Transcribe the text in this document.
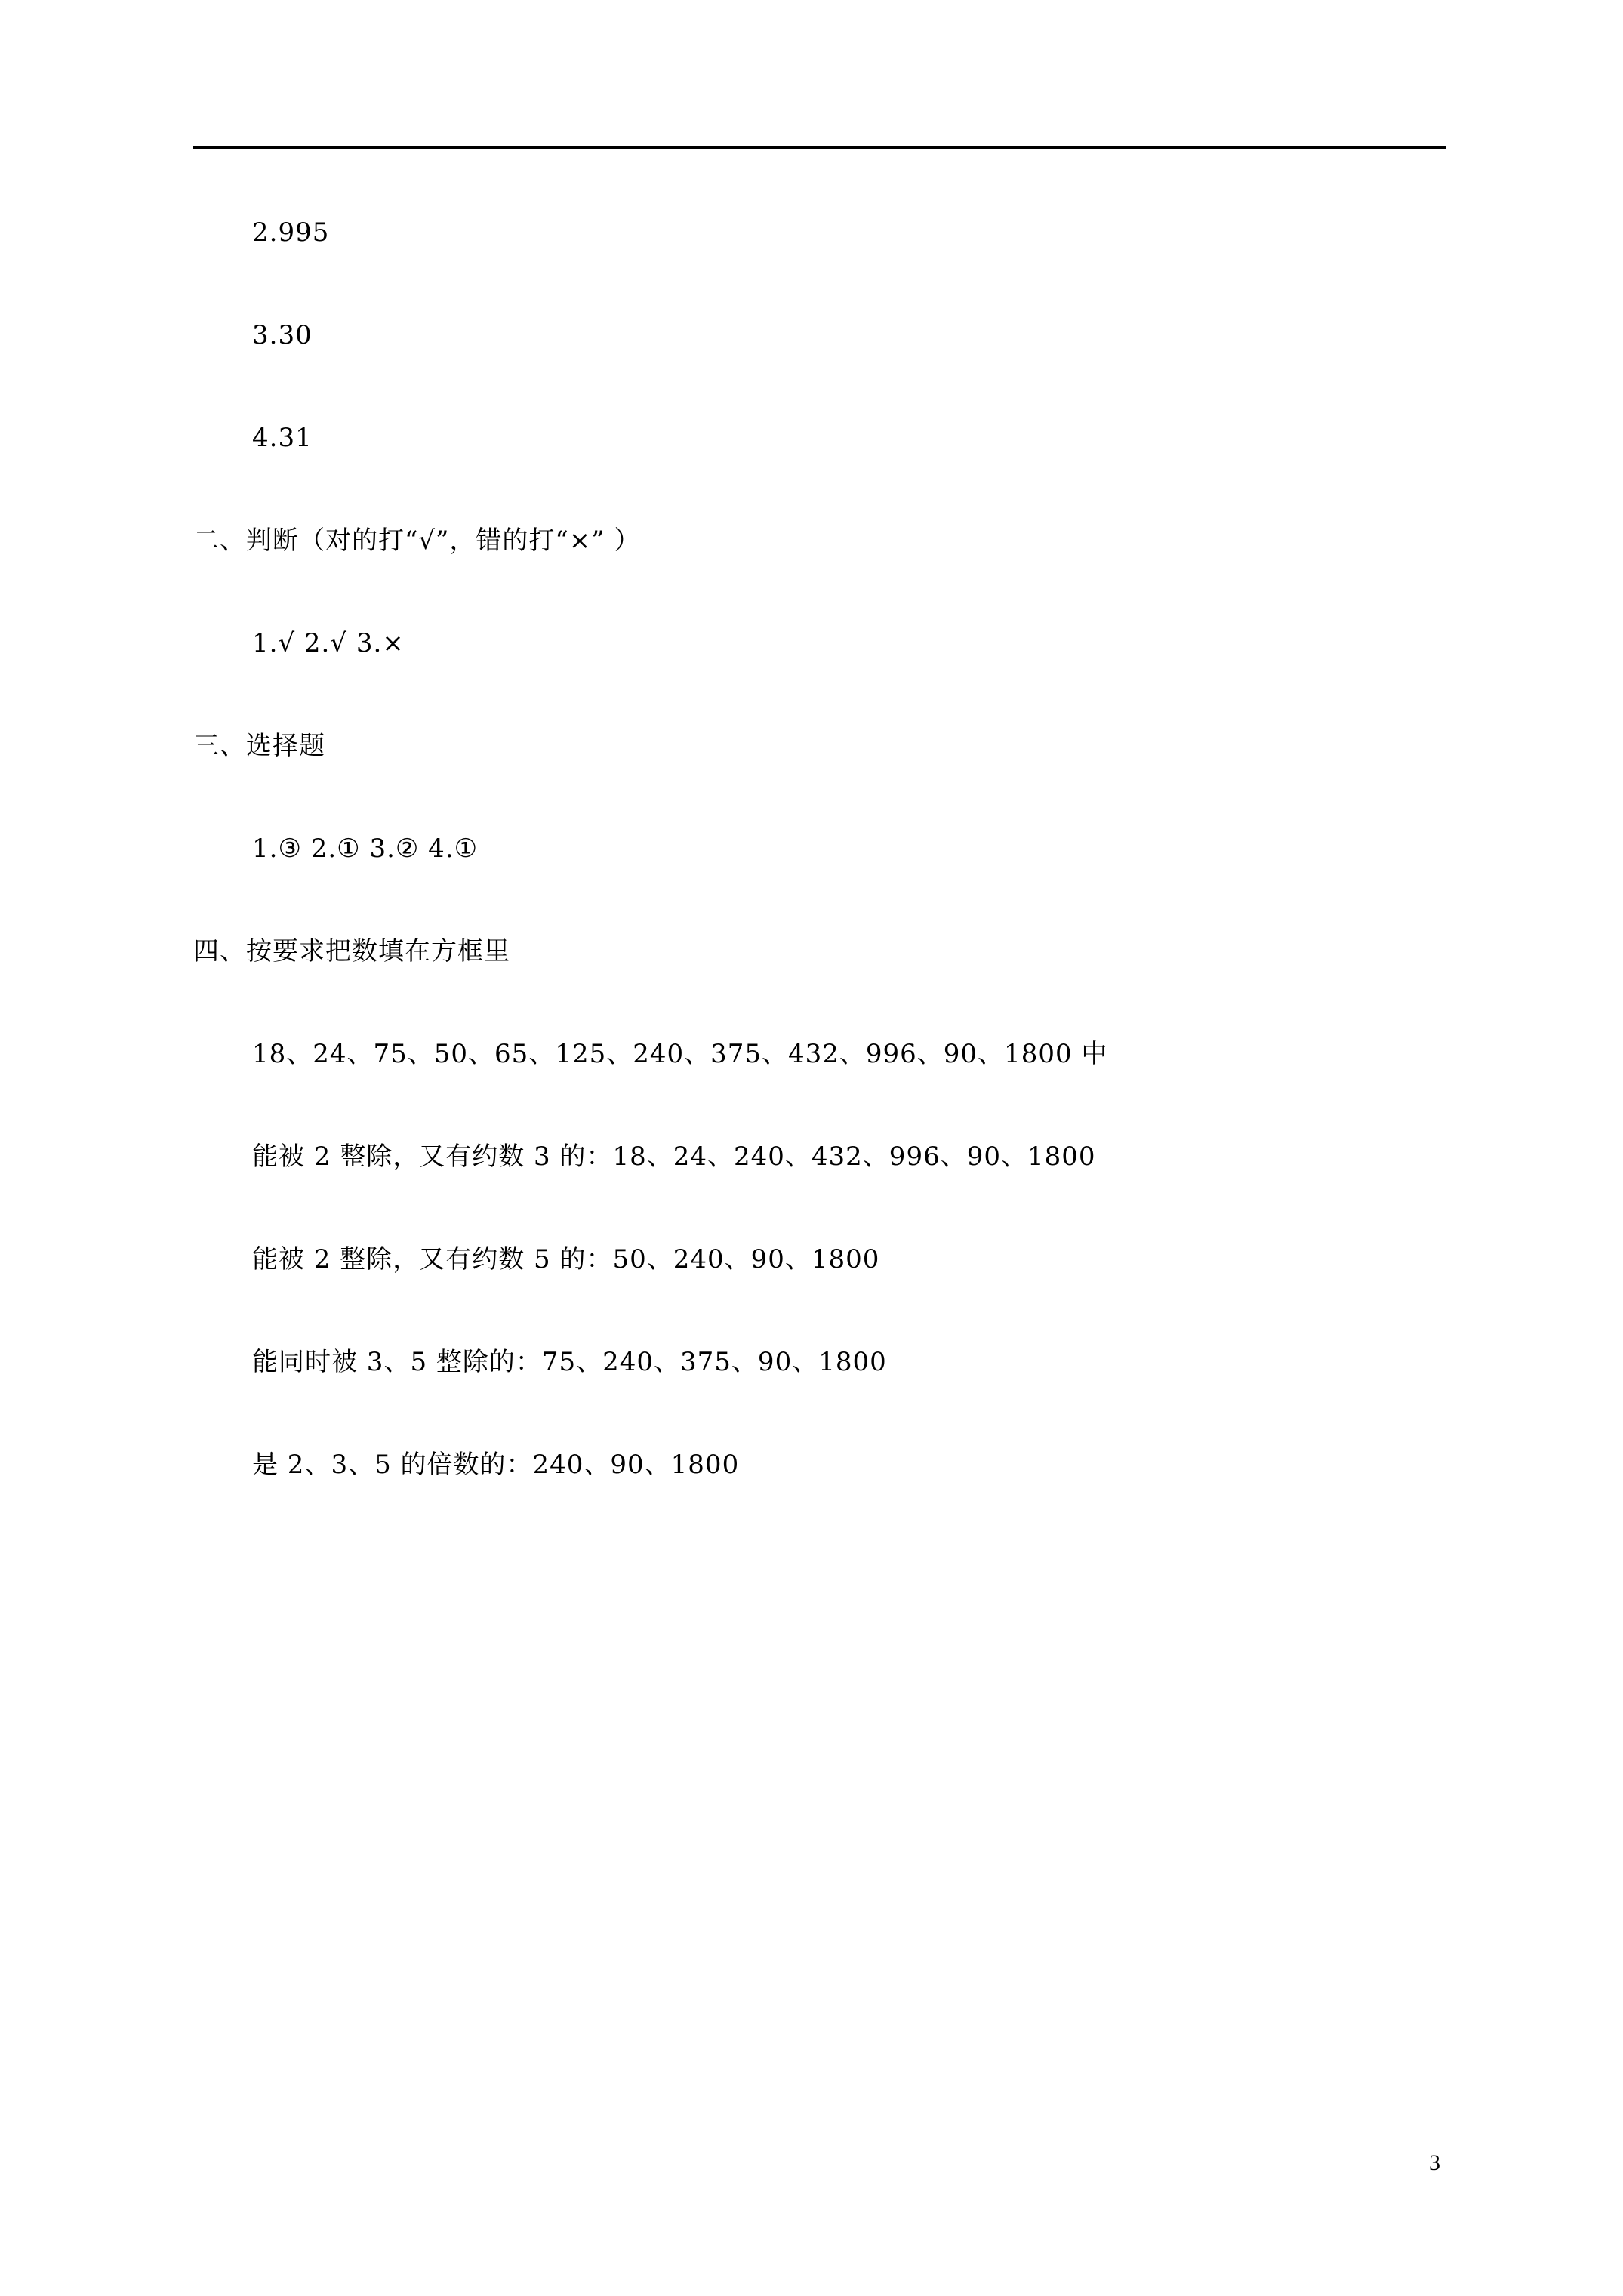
2.995
3.30
4.31
二、判断（对的打“√”，错的打“×” ）
1.√ 2.√ 3.×
三、选择题
1.③ 2.① 3.② 4.①
四、按要求把数填在方框里
18、24、75、50、65、125、240、375、432、996、90、1800 中
能被 2 整除，又有约数 3 的：18、24、240、432、996、90、1800
能被 2 整除，又有约数 5 的：50、240、90、1800
能同时被 3、5 整除的：75、240、375、90、1800
是 2、3、5 的倍数的：240、90、1800
3
